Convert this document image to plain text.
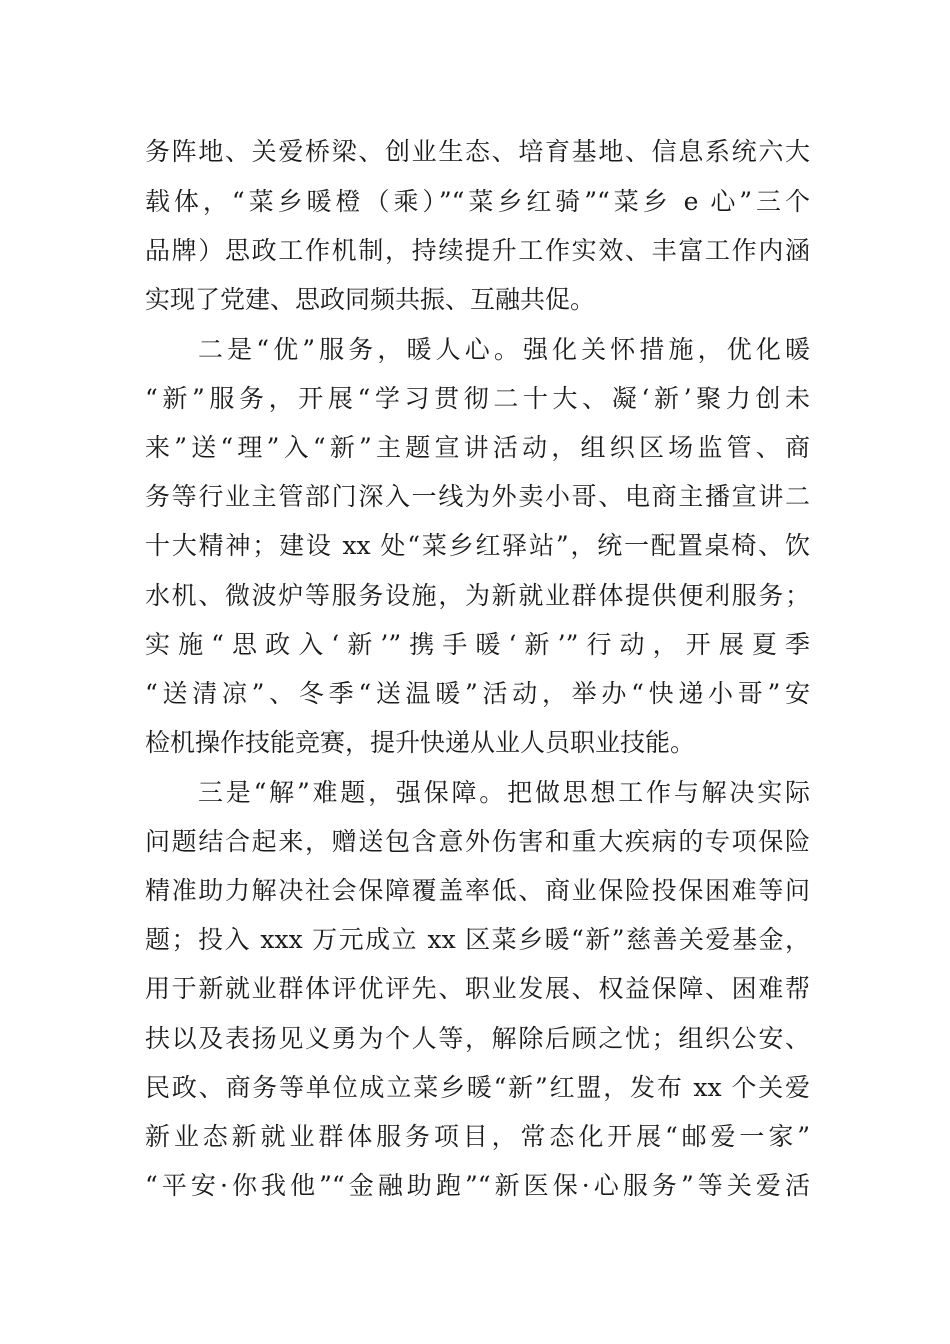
务阵地、关爱桥梁、创业生态、培育基地、信息系统六大
载体，“菜乡暖橙（乘）”“菜乡红骑”“菜乡 e 心”三个
品牌）思政工作机制，持续提升工作实效、丰富工作内涵
实现了党建、思政同频共振、互融共促。
二是“优”服务，暖人心。强化关怀措施，优化暖
“新”服务，开展“学习贯彻二十大、凝‘新’聚力创未
来”送“理”入“新”主题宣讲活动，组织区场监管、商
务等行业主管部门深入一线为外卖小哥、电商主播宣讲二
十大精神；建设 xx 处“菜乡红驿站”，统一配置桌椅、饮
水机、微波炉等服务设施，为新就业群体提供便利服务；
实施“思政入‘新’”携手暖‘新’”行动，开展夏季
“送清凉”、冬季“送温暖”活动，举办“快递小哥”安
检机操作技能竞赛，提升快递从业人员职业技能。
三是“解”难题，强保障。把做思想工作与解决实际
问题结合起来，赠送包含意外伤害和重大疾病的专项保险
精准助力解决社会保障覆盖率低、商业保险投保困难等问
题；投入 xxx 万元成立 xx 区菜乡暖“新”慈善关爱基金，
用于新就业群体评优评先、职业发展、权益保障、困难帮
扶以及表扬见义勇为个人等，解除后顾之忧；组织公安、
民政、商务等单位成立菜乡暖“新”红盟，发布 xx 个关爱
新业态新就业群体服务项目，常态化开展“邮爱一家”
“平安·你我他”“金融助跑”“新医保·心服务”等关爱活
